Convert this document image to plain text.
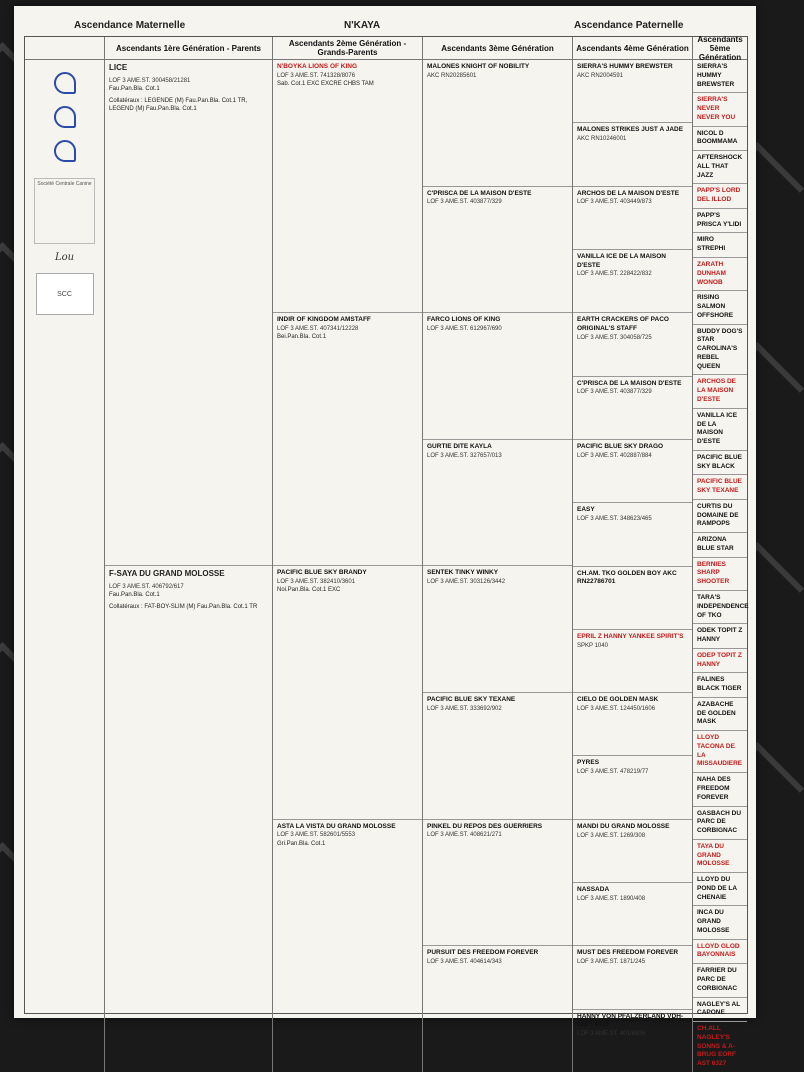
Ascendance Maternelle	N'KAYA	Ascendance Paternelle
Société Centrale Canine
Lou
SCC
Ascendants 1ère Génération - Parents
LICE
LOF 3 AME.ST. 300458/21281
Fau.Pan.Bla. Cot.1
Collatéraux : LEGENDE (M) Fau.Pan.Bla. Cot.1 TR, LEGEND (M) Fau.Pan.Bla. Cot.1
F-SAYA DU GRAND MOLOSSE
LOF 3 AME.ST. 406792/617
Fau.Pan.Bla. Cot.1
Collatéraux : FAT-BOY-SLIM (M) Fau.Pan.Bla. Cot.1 TR
Ascendants 2ème Génération - Grands-Parents
N'BOYKA LIONS OF KING
LOF 3 AME.ST. 741328/8076
Sab. Cot.1 EXC EXCRE CHBS TAM
INDIR OF KINGDOM AMSTAFF
LOF 3 AME.ST. 407341/12228
Bei.Pan.Bla. Cot.1
PACIFIC BLUE SKY BRANDY
LOF 3 AME.ST. 382410/3601
Noi.Pan.Bla. Cot.1 EXC
ASTA LA VISTA DU GRAND MOLOSSE
LOF 3 AME.ST. 582601/5553
Gri.Pan.Bla. Cot.1
Ascendants 3ème Génération
MALONES KNIGHT OF NOBILITY
AKC RN20285601
C'PRISCA DE LA MAISON D'ESTE
LOF 3 AME.ST. 403877/329
FARCO LIONS OF KING
LOF 3 AME.ST. 612967/690
GURTIE DITE KAYLA
LOF 3 AME.ST. 327657/013
SENTEK TINKY WINKY
LOF 3 AME.ST. 303126/3442
PACIFIC BLUE SKY TEXANE
LOF 3 AME.ST. 333692/902
PINKEL DU REPOS DES GUERRIERS
LOF 3 AME.ST. 408621/271
PURSUIT DES FREEDOM FOREVER
LOF 3 AME.ST. 404614/343
Ascendants 4ème Génération
SIERRA'S HUMMY BREWSTER
AKC RN2004591
MALONES STRIKES JUST A JADE
AKC RN10246001
ARCHOS DE LA MAISON D'ESTE
LOF 3 AME.ST. 403449/873
VANILLA ICE DE LA MAISON D'ESTE
LOF 3 AME.ST. 228422/832
EARTH CRACKERS OF PACO ORIGINAL'S STAFF
LOF 3 AME.ST. 304058/725
C'PRISCA DE LA MAISON D'ESTE
LOF 3 AME.ST. 403877/329
PACIFIC BLUE SKY DRAGO
LOF 3 AME.ST. 402887/884
EASY
LOF 3 AME.ST. 348623/465
CH.AM. TKO GOLDEN BOY AKC RN22786701
EPRIL Z HANNY YANKEE SPIRIT'S
SPKP 1040
CIELO DE GOLDEN MASK
LOF 3 AME.ST. 124450/1606
PYRES
LOF 3 AME.ST. 478219/77
MANDI DU GRAND MOLOSSE
LOF 3 AME.ST. 1269/308
NASSADA
LOF 3 AME.ST. 1890/408
MUST DES FREEDOM FOREVER
LOF 3 AME.ST. 1871/245
HANNY VON PFALZERLAND VDH-GBF: 6319
LOF 3 AME.ST. 401/6305
Ascendants 5ème Génération
SIERRA'S HUMMY BREWSTER
SIERRA'S NEVER NEVER YOU
NICOL D BOOMMAMA
AFTERSHOCK ALL THAT JAZZ
PAPP'S LORD DEL ILLOD
PAPP'S PRISCA Y'LIDI
MIRO STREPHI
ZARATH DUNHAM WONOB
RISING SALMON OFFSHORE
BUDDY DOG'S STAR CAROLINA'S REBEL QUEEN
ARCHOS DE LA MAISON D'ESTE
VANILLA ICE DE LA MAISON D'ESTE
PACIFIC BLUE SKY BLACK
PACIFIC BLUE SKY TEXANE
CURTIS DU DOMAINE DE RAMPOPS
ARIZONA BLUE STAR
BERNIES SHARP SHOOTER
TARA'S INDEPENDENCE OF TKO
ODEK TOPIT Z HANNY
ODEP TOPIT Z HANNY
FALINES BLACK TIGER
AZABACHE DE GOLDEN MASK
LLOYD TACONA DE LA MISSAUDIERE
NAHA DES FREEDOM FOREVER
GASBACH DU PARC DE CORBIGNAC
TAYA DU GRAND MOLOSSE
LLOYD DU POND DE LA CHENAIE
INCA DU GRAND MOLOSSE
LLOYD GLOD BAYONNAIS
FARRIER DU PARC DE CORBIGNAC
NAGLEY'S AL CAPONE
CH.ALL NAGLEY'S SONNS & A-BRUG EORF AST 6327
